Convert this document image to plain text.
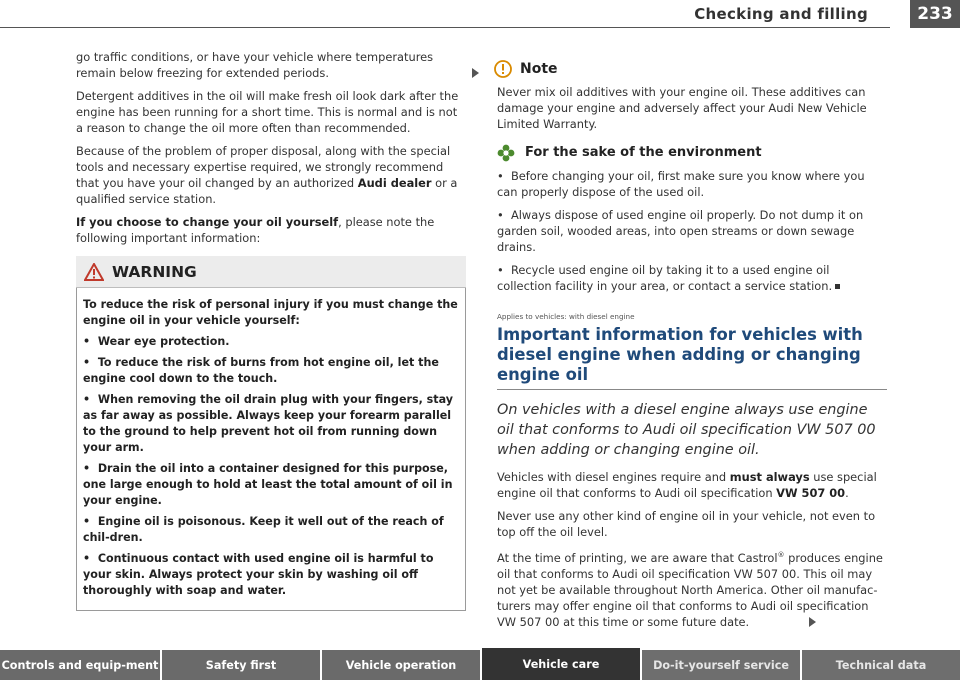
Checking and filling	233

go traffic conditions, or have your vehicle where temperatures remain below freezing for extended periods.

Detergent additives in the oil will make fresh oil look dark after the engine has been running for a short time. This is normal and is not a reason to change the oil more often than recommended.

Because of the problem of proper disposal, along with the special tools and necessary expertise required, we strongly recommend that you have your oil changed by an authorized Audi dealer or a qualified service station.

If you choose to change your oil yourself, please note the following important information:

WARNING

To reduce the risk of personal injury if you must change the engine oil in your vehicle yourself:

•  Wear eye protection.

•  To reduce the risk of burns from hot engine oil, let the engine cool down to the touch.

•  When removing the oil drain plug with your fingers, stay as far away as possible. Always keep your forearm parallel to the ground to help prevent hot oil from running down your arm.

•  Drain the oil into a container designed for this purpose, one large enough to hold at least the total amount of oil in your engine.

•  Engine oil is poisonous. Keep it well out of the reach of chil-dren.

•  Continuous contact with used engine oil is harmful to your skin. Always protect your skin by washing oil off thoroughly with soap and water.

Note

Never mix oil additives with your engine oil. These additives can damage your engine and adversely affect your Audi New Vehicle Limited Warranty.

For the sake of the environment

•  Before changing your oil, first make sure you know where you can properly dispose of the used oil.

•  Always dispose of used engine oil properly. Do not dump it on garden soil, wooded areas, into open streams or down sewage drains.

•  Recycle used engine oil by taking it to a used engine oil collection facility in your area, or contact a service station.

Applies to vehicles: with diesel engine
Important information for vehicles with diesel engine when adding or changing engine oil
On vehicles with a diesel engine always use engine oil that conforms to Audi oil specification VW 507 00 when adding or changing engine oil.

Vehicles with diesel engines require and must always use special engine oil that conforms to Audi oil specification VW 507 00.

Never use any other kind of engine oil in your vehicle, not even to top off the oil level.

At the time of printing, we are aware that Castrol® produces engine oil that conforms to Audi oil specification VW 507 00. This oil may not yet be available throughout North America. Other oil manufac-turers may offer engine oil that conforms to Audi oil specification VW 507 00 at this time or some future date.

Controls and equip-ment	Safety first	Vehicle operation	Vehicle care	Do-it-yourself service	Technical data
